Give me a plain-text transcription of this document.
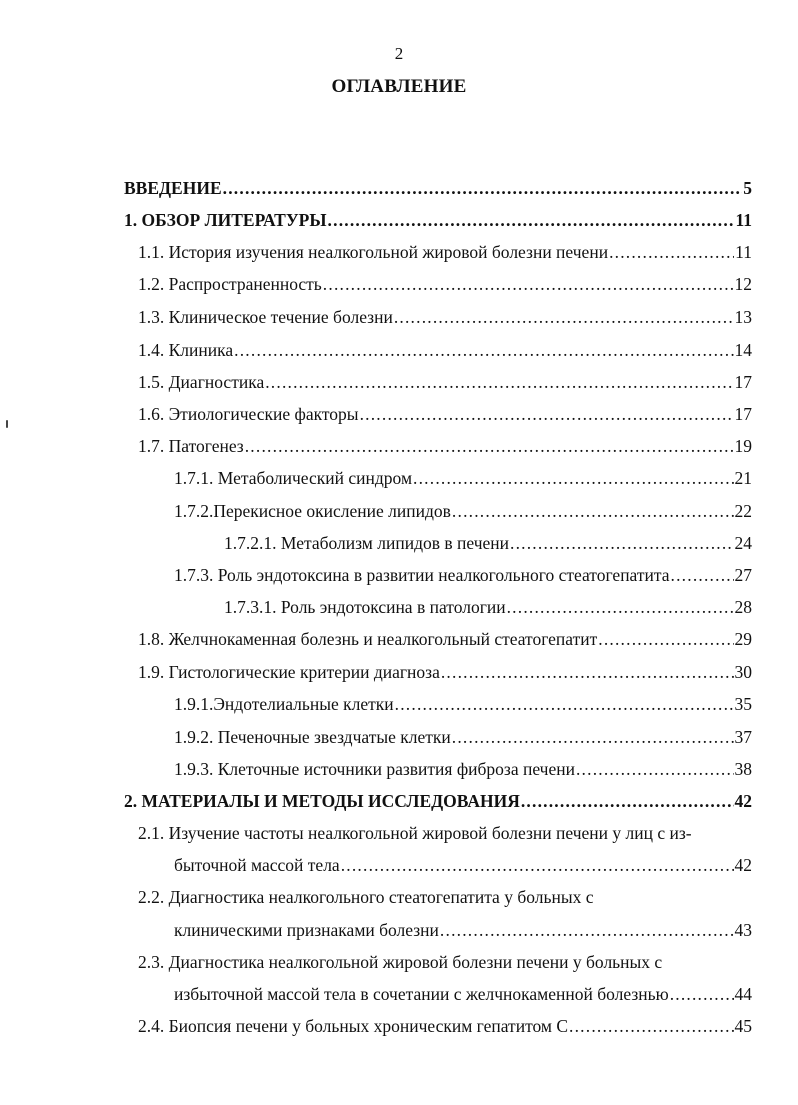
2
ОГЛАВЛЕНИЕ
ВВЕДЕНИЕ .....	5
1. ОБЗОР ЛИТЕРАТУРЫ .....	11
1.1. История изучения неалкогольной жировой болезни печени .....	11
1.2. Распространенность .....	12
1.3. Клиническое течение болезни .....	13
1.4. Клиника .....	14
1.5. Диагностика .....	17
1.6. Этиологические факторы .....	17
1.7. Патогенез .....	19
1.7.1. Метаболический синдром .....	21
1.7.2.Перекисное окисление липидов .....	22
1.7.2.1. Метаболизм липидов в печени .....	24
1.7.3. Роль эндотоксина в развитии неалкогольного стеатогепатита .....	27
1.7.3.1. Роль эндотоксина в патологии .....	28
1.8. Желчнокаменная болезнь и неалкогольный стеатогепатит .....	29
1.9. Гистологические критерии диагноза .....	30
1.9.1.Эндотелиальные клетки .....	35
1.9.2. Печеночные звездчатые клетки .....	37
1.9.3. Клеточные источники развития фиброза печени .....	38
2. МАТЕРИАЛЫ И МЕТОДЫ ИССЛЕДОВАНИЯ .....	42
2.1. Изучение частоты неалкогольной жировой болезни печени у лиц с из-
быточной массой тела .....	42
2.2. Диагностика неалкогольного стеатогепатита у больных с
клиническими признаками болезни .....	43
2.3. Диагностика неалкогольной жировой болезни печени у больных с
избыточной массой тела в сочетании с желчнокаменной болезнью .....	44
2.4. Биопсия печени у больных хроническим гепатитом С .....	45
